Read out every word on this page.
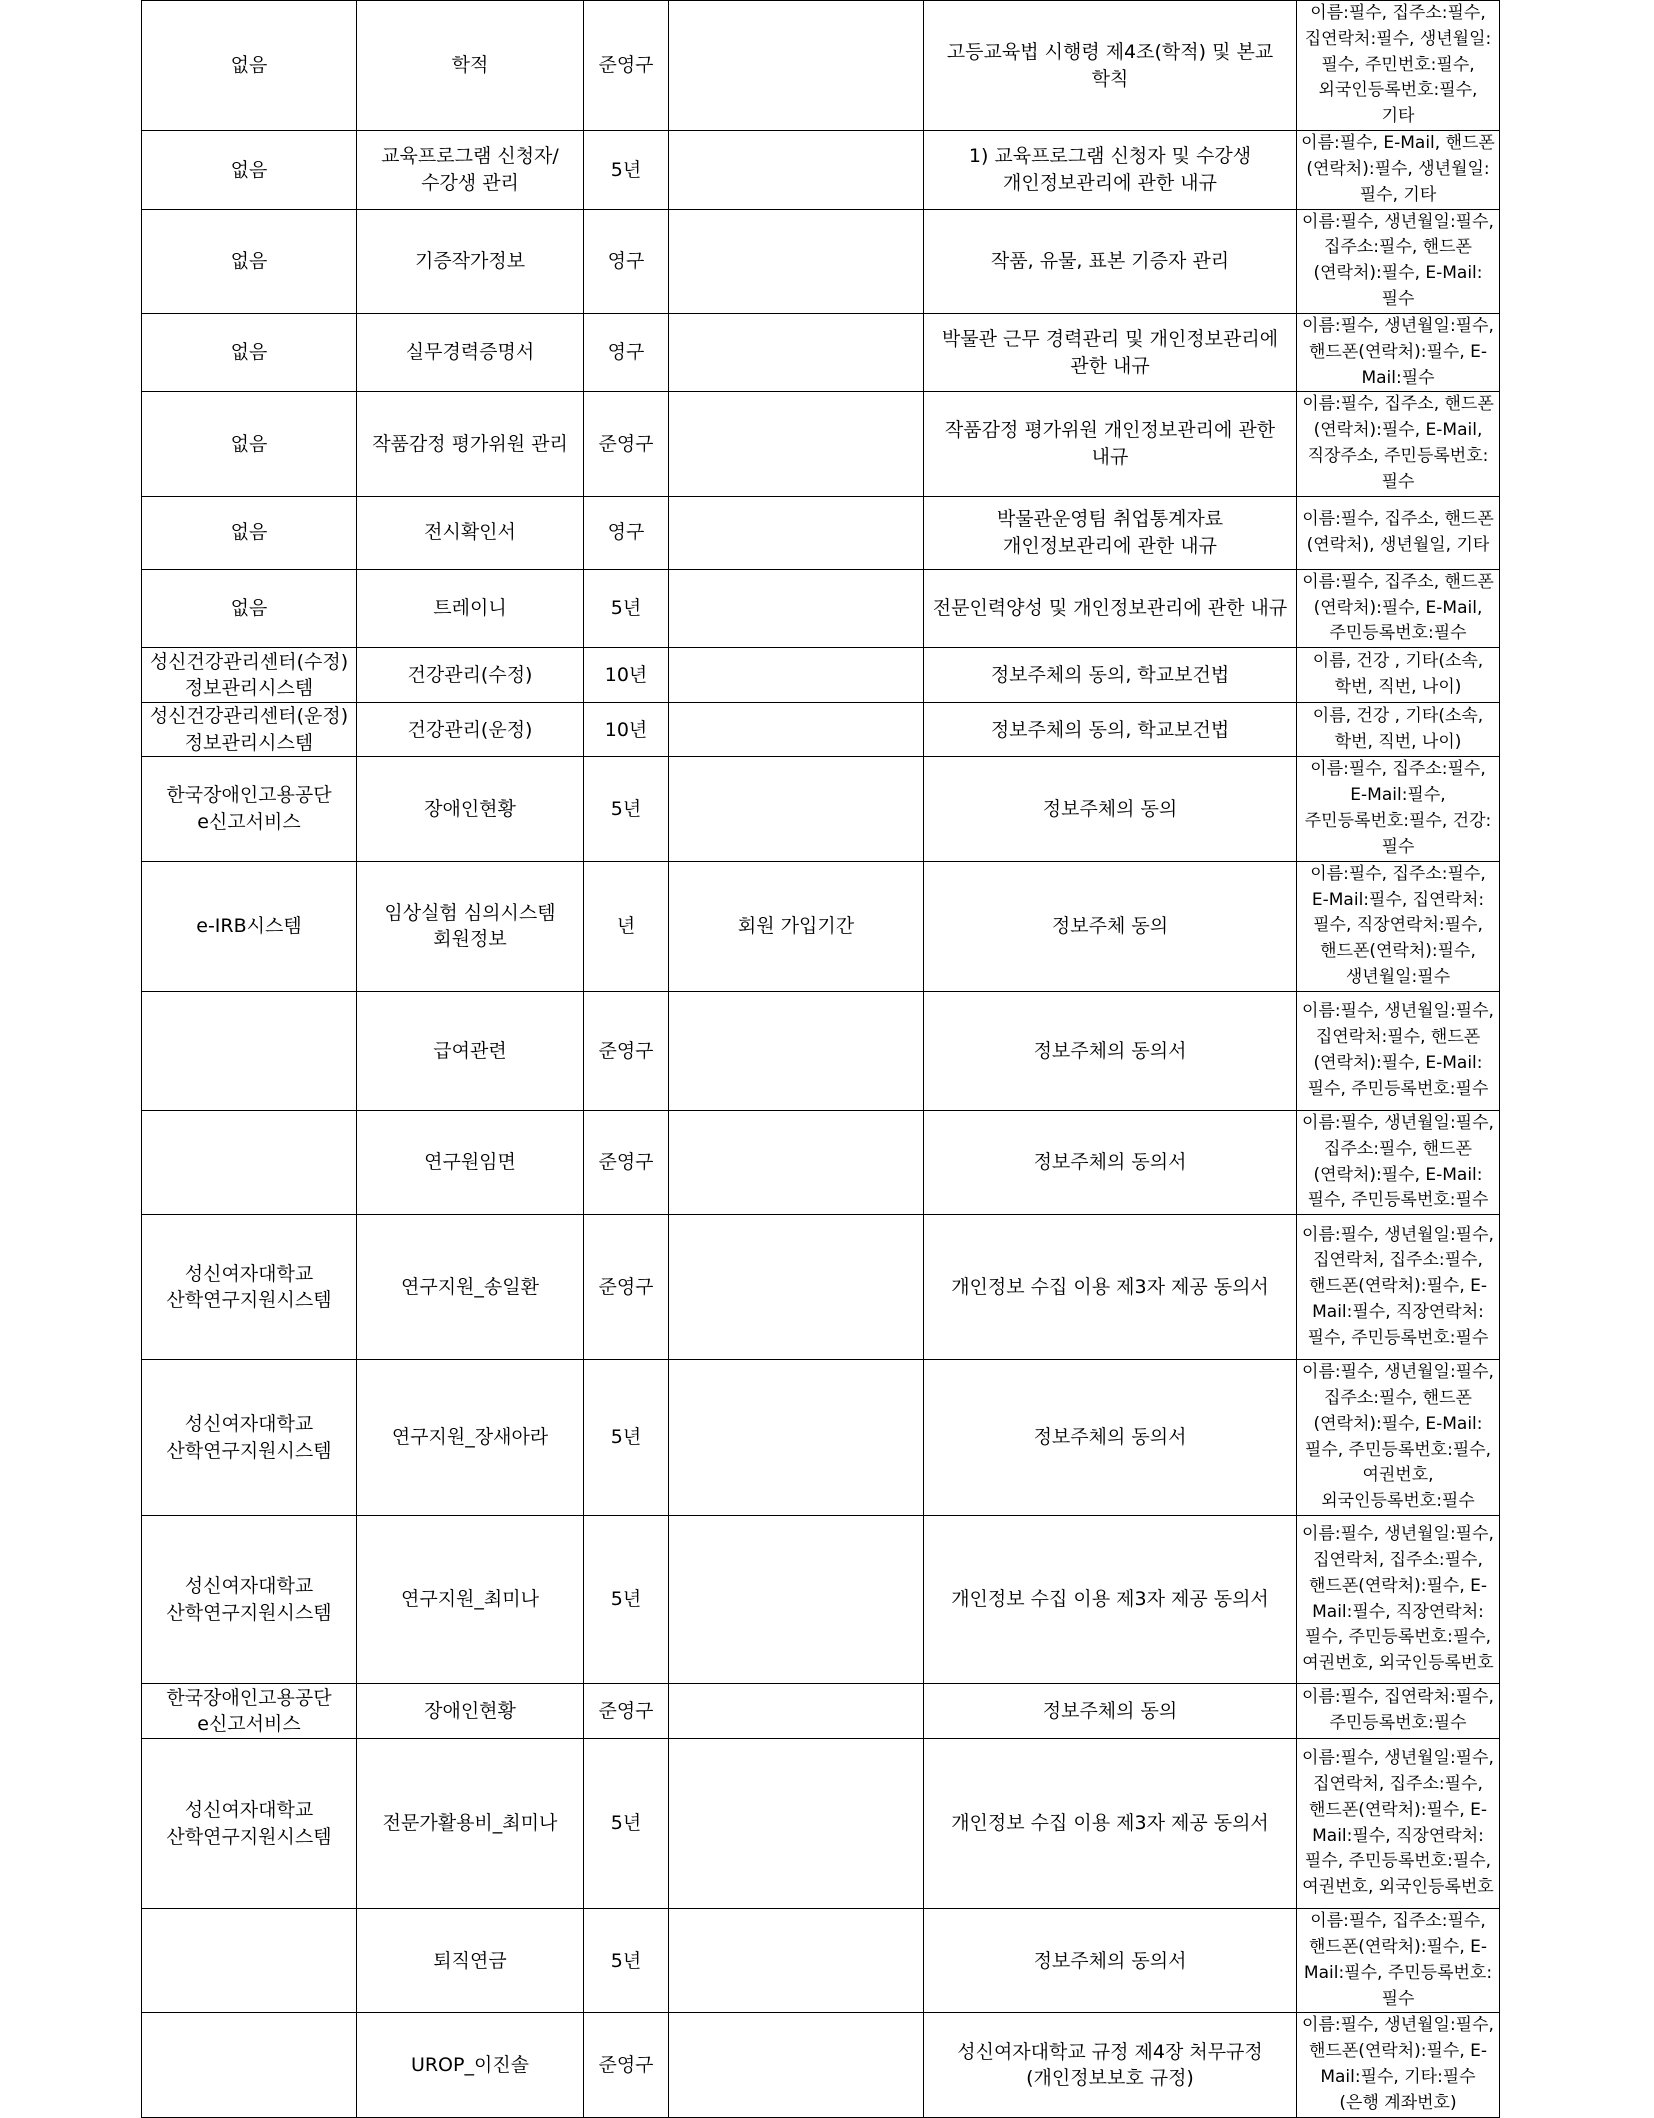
없음	학적	준영구		고등교육법 시행령 제4조(학적) 및 본교 학칙	이름:필수, 집주소:필수, 집연락처:필수, 생년월일:필수, 주민번호:필수, 외국인등록번호:필수, 기타
없음	교육프로그램 신청자/수강생 관리	5년		1) 교육프로그램 신청자 및 수강생 개인정보관리에 관한 내규	이름:필수, E-Mail, 핸드폰(연락처):필수, 생년월일:필수, 기타
없음	기증작가정보	영구		작품, 유물, 표본 기증자 관리	이름:필수, 생년월일:필수, 집주소:필수, 핸드폰(연락처):필수, E-Mail:필수
없음	실무경력증명서	영구		박물관 근무 경력관리 및 개인정보관리에 관한 내규	이름:필수, 생년월일:필수, 핸드폰(연락처):필수, E-Mail:필수
없음	작품감정 평가위원 관리	준영구		작품감정 평가위원 개인정보관리에 관한 내규	이름:필수, 집주소, 핸드폰(연락처):필수, E-Mail, 직장주소, 주민등록번호:필수
없음	전시확인서	영구		박물관운영팀 취업통계자료 개인정보관리에 관한 내규	이름:필수, 집주소, 핸드폰(연락처), 생년월일, 기타
없음	트레이니	5년		전문인력양성 및 개인정보관리에 관한 내규	이름:필수, 집주소, 핸드폰(연락처):필수, E-Mail, 주민등록번호:필수
성신건강관리센터(수정) 정보관리시스템	건강관리(수정)	10년		정보주체의 동의, 학교보건법	이름, 건강 , 기타(소속, 학번, 직번, 나이)
성신건강관리센터(운정) 정보관리시스템	건강관리(운정)	10년		정보주체의 동의, 학교보건법	이름, 건강 , 기타(소속, 학번, 직번, 나이)
한국장애인고용공단 e신고서비스	장애인현황	5년		정보주체의 동의	이름:필수, 집주소:필수, E-Mail:필수, 주민등록번호:필수, 건강:필수
e-IRB시스템	임상실험 심의시스템 회원정보	년	회원 가입기간	정보주체 동의	이름:필수, 집주소:필수, E-Mail:필수, 집연락처:필수, 직장연락처:필수, 핸드폰(연락처):필수, 생년월일:필수
	급여관련	준영구		정보주체의 동의서	이름:필수, 생년월일:필수, 집연락처:필수, 핸드폰(연락처):필수, E-Mail:필수, 주민등록번호:필수
	연구원임면	준영구		정보주체의 동의서	이름:필수, 생년월일:필수, 집주소:필수, 핸드폰(연락처):필수, E-Mail:필수, 주민등록번호:필수
성신여자대학교 산학연구지원시스템	연구지원_송일환	준영구		개인정보 수집 이용 제3자 제공 동의서	이름:필수, 생년월일:필수, 집연락처, 집주소:필수, 핸드폰(연락처):필수, E-Mail:필수, 직장연락처:필수, 주민등록번호:필수
성신여자대학교 산학연구지원시스템	연구지원_장새아라	5년		정보주체의 동의서	이름:필수, 생년월일:필수, 집주소:필수, 핸드폰(연락처):필수, E-Mail:필수, 주민등록번호:필수, 여권번호, 외국인등록번호:필수
성신여자대학교 산학연구지원시스템	연구지원_최미나	5년		개인정보 수집 이용 제3자 제공 동의서	이름:필수, 생년월일:필수, 집연락처, 집주소:필수, 핸드폰(연락처):필수, E-Mail:필수, 직장연락처:필수, 주민등록번호:필수, 여권번호, 외국인등록번호
한국장애인고용공단 e신고서비스	장애인현황	준영구		정보주체의 동의	이름:필수, 집연락처:필수, 주민등록번호:필수
성신여자대학교 산학연구지원시스템	전문가활용비_최미나	5년		개인정보 수집 이용 제3자 제공 동의서	이름:필수, 생년월일:필수, 집연락처, 집주소:필수, 핸드폰(연락처):필수, E-Mail:필수, 직장연락처:필수, 주민등록번호:필수, 여권번호, 외국인등록번호
	퇴직연금	5년		정보주체의 동의서	이름:필수, 집주소:필수, 핸드폰(연락처):필수, E-Mail:필수, 주민등록번호:필수
	UROP_이진솔	준영구		성신여자대학교 규정 제4장 처무규정(개인정보보호 규정)	이름:필수, 생년월일:필수, 핸드폰(연락처):필수, E-Mail:필수, 기타:필수(은행 계좌번호)
